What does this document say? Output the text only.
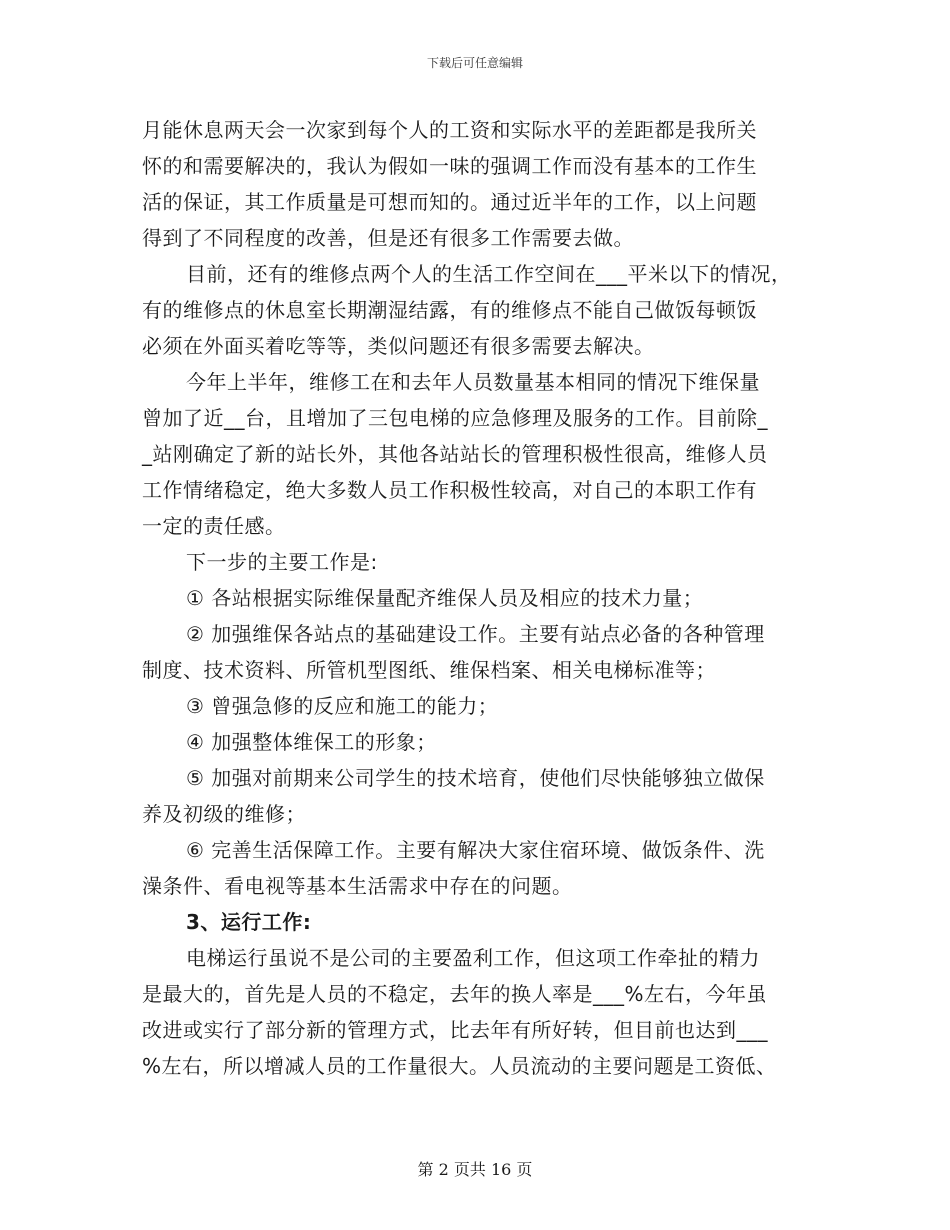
下载后可任意编辑
月能休息两天会一次家到每个人的工资和实际水平的差距都是我所关
怀的和需要解决的，我认为假如一味的强调工作而没有基本的工作生
活的保证，其工作质量是可想而知的。通过近半年的工作，以上问题
得到了不同程度的改善，但是还有很多工作需要去做。
目前，还有的维修点两个人的生活工作空间在___平米以下的情况，
有的维修点的休息室长期潮湿结露，有的维修点不能自己做饭每顿饭
必须在外面买着吃等等，类似问题还有很多需要去解决。
今年上半年，维修工在和去年人员数量基本相同的情况下维保量
曾加了近__台，且增加了三包电梯的应急修理及服务的工作。目前除_
_站刚确定了新的站长外，其他各站站长的管理积极性很高，维修人员
工作情绪稳定，绝大多数人员工作积极性较高，对自己的本职工作有
一定的责任感。
下一步的主要工作是:
① 各站根据实际维保量配齐维保人员及相应的技术力量；
② 加强维保各站点的基础建设工作。主要有站点必备的各种管理
制度、技术资料、所管机型图纸、维保档案、相关电梯标准等；
③ 曾强急修的反应和施工的能力；
④ 加强整体维保工的形象；
⑤ 加强对前期来公司学生的技术培育，使他们尽快能够独立做保
养及初级的维修；
⑥ 完善生活保障工作。主要有解决大家住宿环境、做饭条件、洗
澡条件、看电视等基本生活需求中存在的问题。
3、运行工作:
电梯运行虽说不是公司的主要盈利工作，但这项工作牵扯的精力
是最大的，首先是人员的不稳定，去年的换人率是___%左右，今年虽
改进或实行了部分新的管理方式，比去年有所好转，但目前也达到___
%左右，所以增减人员的工作量很大。人员流动的主要问题是工资低、
第 2 页共 16 页
